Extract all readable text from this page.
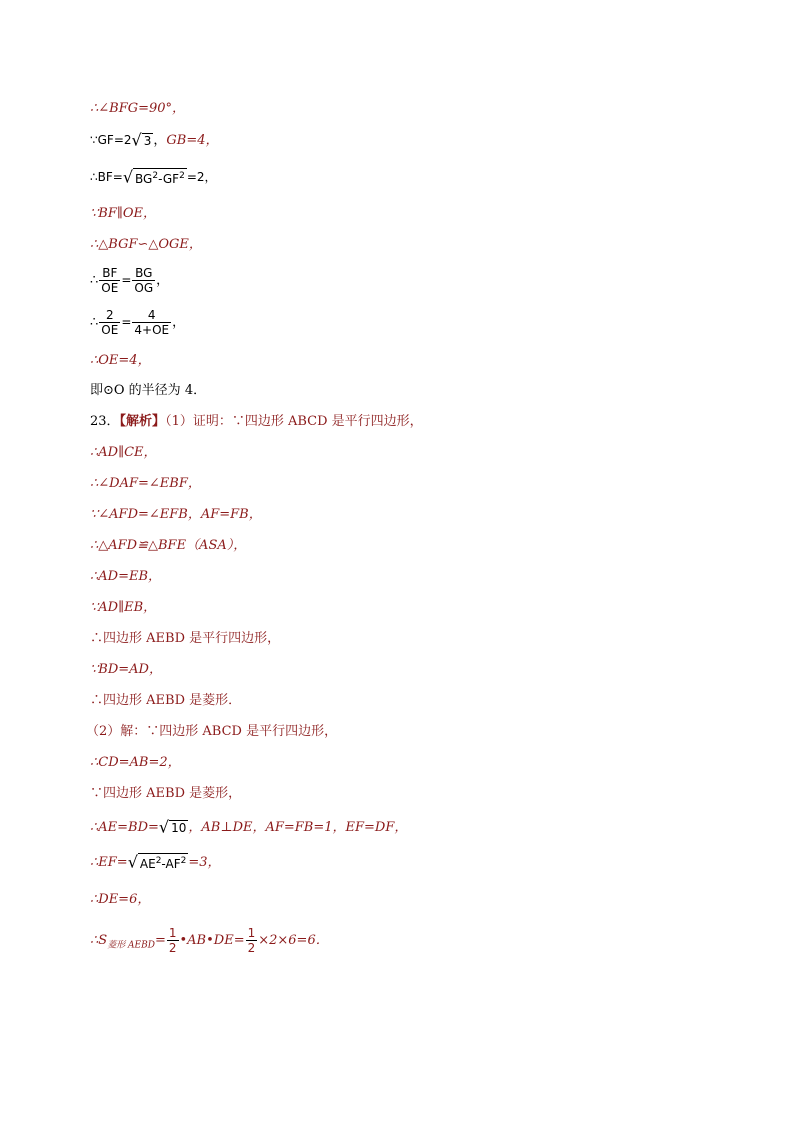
∴∠BFG=90°，
∵GF=2√ 3 ，GB=4，
∴BF=√ $BG^2-GF^2 =2$，
∵BF∥OE，
∴△BGF∽△OGE，
∴ $\frac{BF}{OE} = \frac{BG}{OG}$ ，
∴ $\frac{2}{OE} = \frac{4}{4+OE}$ ，
∴OE=4，
即⊙O 的半径为 4．
23．【解析】（1）证明：∵四边形 ABCD 是平行四边形，
∴AD∥CE，
∴∠DAF=∠EBF，
∵∠AFD=∠EFB，AF=FB，
∴△AFD≌△BFE（ASA），
∴AD=EB，
∵AD∥EB，
∴四边形 AEBD 是平行四边形，
∵BD=AD，
∴四边形 AEBD 是菱形．
（2）解：∵四边形 ABCD 是平行四边形，
∴CD=AB=2，
∵四边形 AEBD 是菱形，
∴AE=BD=√ 10 ，AB⊥DE，AF=FB=1，EF=DF，
∴EF=√ $AE^2-AF^2 =3$，
∴DE=6，
$\therefore S_{菱形 AEBD}= \frac{1}{2}$ •AB•DE= $\frac{1}{2} \times 2\times 6=6$．
